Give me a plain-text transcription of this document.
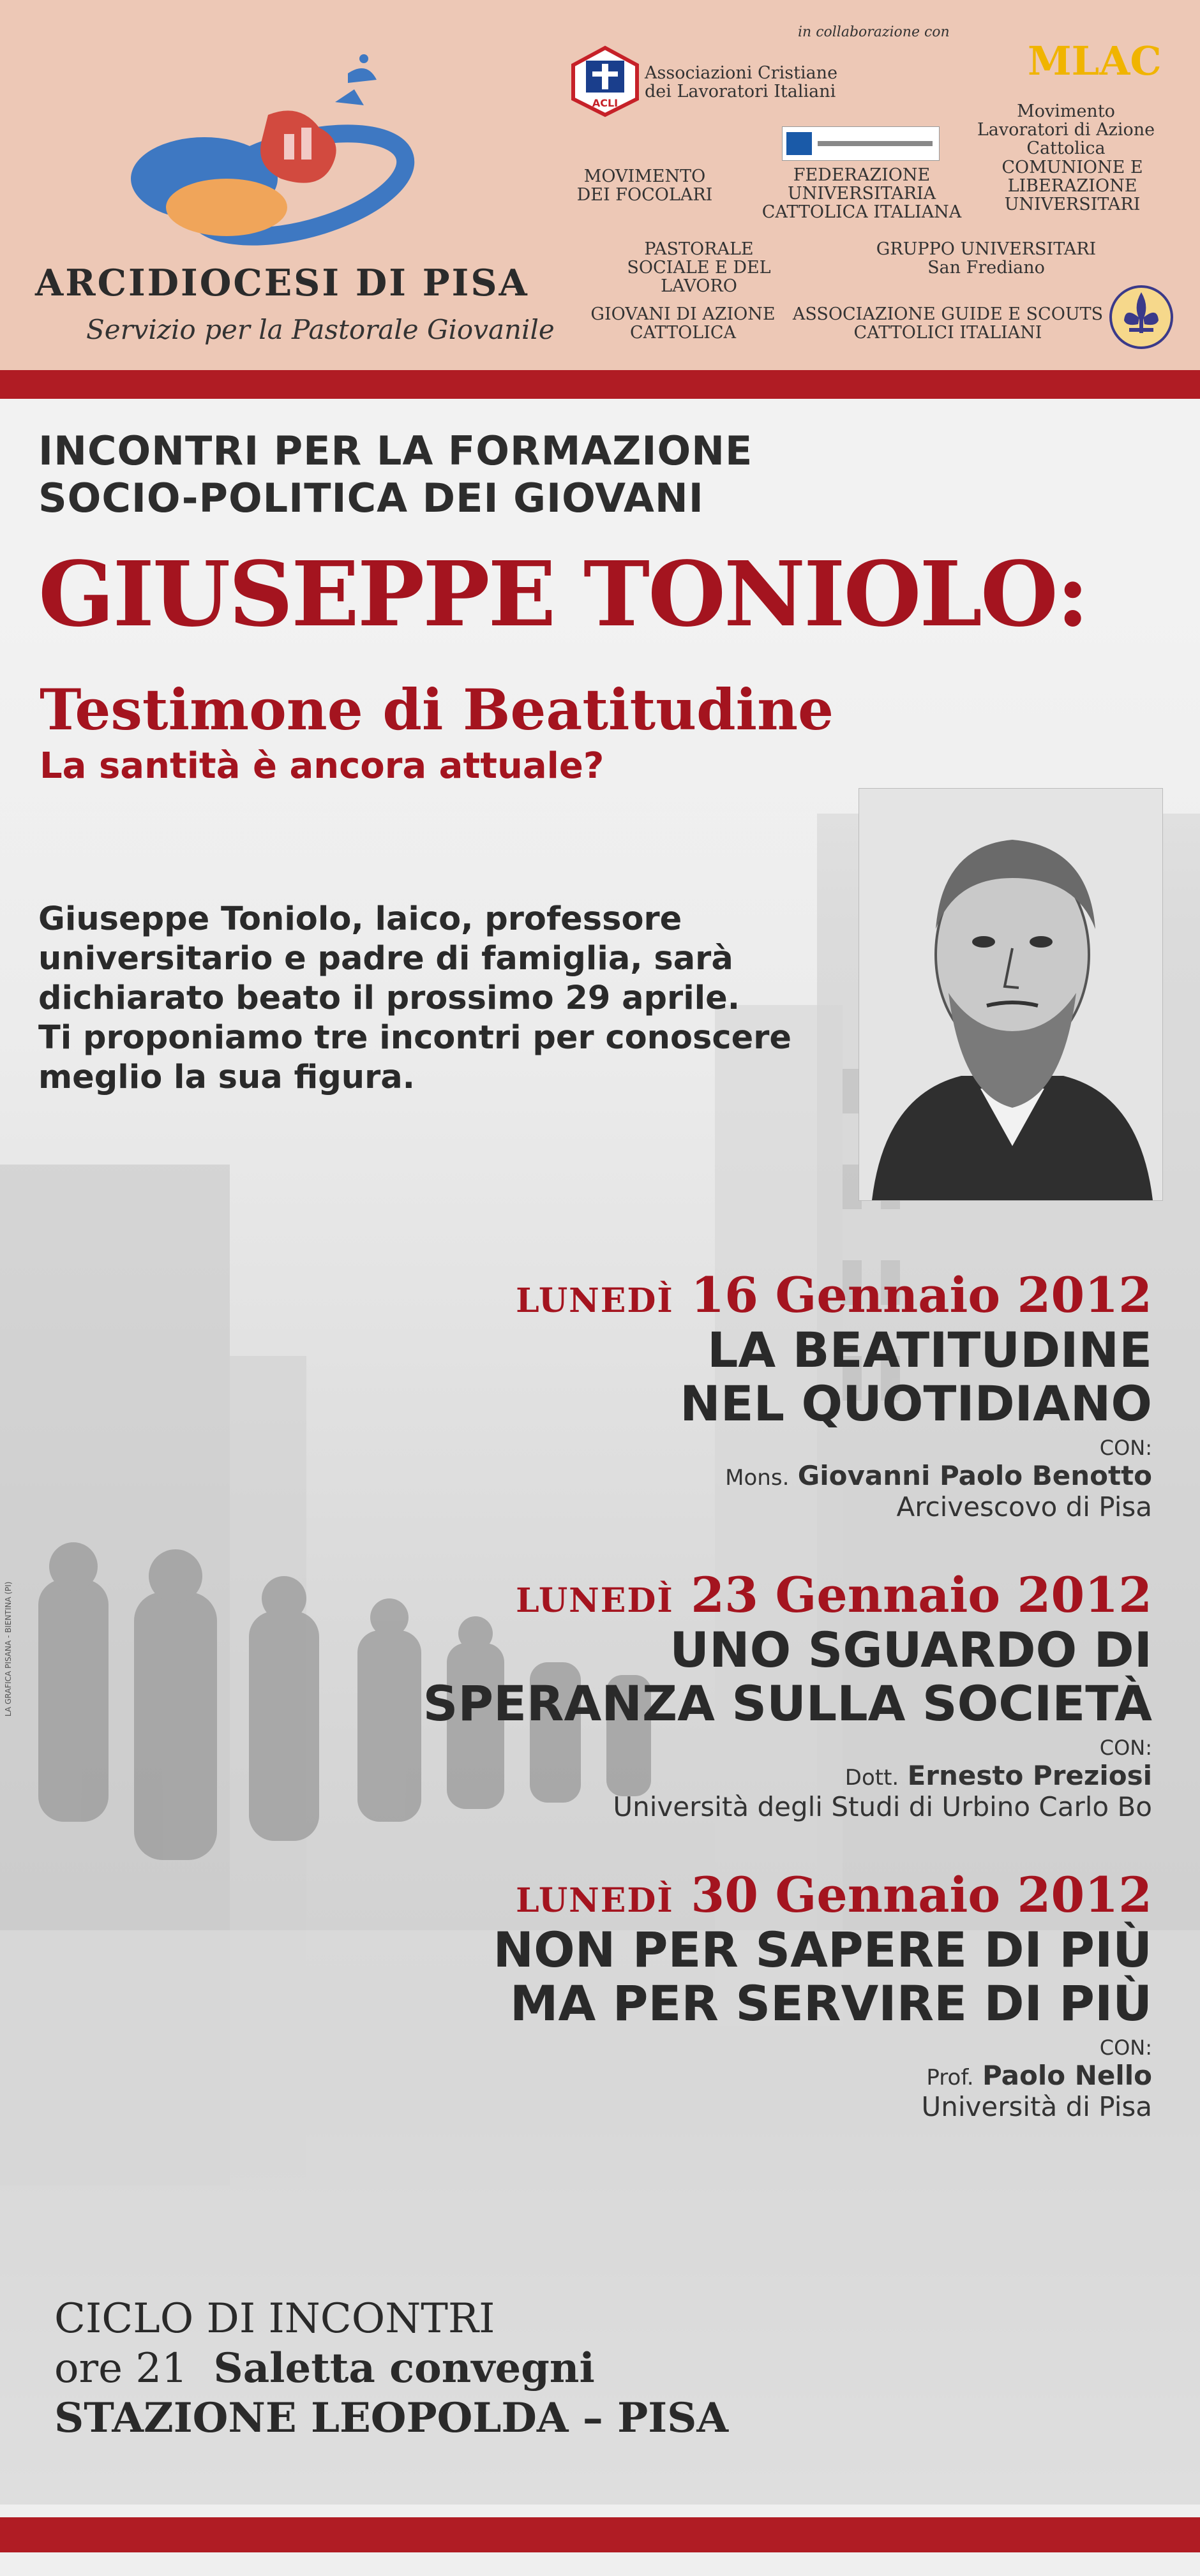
ARCIDIOCESI DI PISA
Servizio per la Pastorale Giovanile
in collaborazione con
ACLI
Associazioni Cristiane dei Lavoratori Italiani
MLAC
Movimento Lavoratori di Azione Cattolica
MOVIMENTO DEI FOCOLARI
FEDERAZIONE UNIVERSITARIA CATTOLICA ITALIANA
COMUNIONE E LIBERAZIONE UNIVERSITARI
PASTORALE SOCIALE E DEL LAVORO
GRUPPO UNIVERSITARI
San Frediano
GIOVANI DI AZIONE CATTOLICA
ASSOCIAZIONE GUIDE E SCOUTS CATTOLICI ITALIANI
INCONTRI PER LA FORMAZIONE
SOCIO-POLITICA DEI GIOVANI
GIUSEPPE TONIOLO:
Testimone di Beatitudine
La santità è ancora attuale?
Giuseppe Toniolo, laico, professore
universitario e padre di famiglia, sarà
dichiarato beato il prossimo 29 aprile.
Ti proponiamo tre incontri per conoscere
meglio la sua figura.
LUNEDÌ 16 Gennaio 2012
LA BEATITUDINE
NEL QUOTIDIANO
CON:
Mons. Giovanni Paolo Benotto
Arcivescovo di Pisa
LUNEDÌ 23 Gennaio 2012
UNO SGUARDO DI
SPERANZA SULLA SOCIETÀ
CON:
Dott. Ernesto Preziosi
Università degli Studi di Urbino Carlo Bo
LUNEDÌ 30 Gennaio 2012
NON PER SAPERE DI PIÙ
MA PER SERVIRE DI PIÙ
CON:
Prof. Paolo Nello
Università di Pisa
CICLO DI INCONTRI
ore 21 Saletta convegni
STAZIONE LEOPOLDA – PISA
LA GRAFICA PISANA - BIENTINA (PI)
